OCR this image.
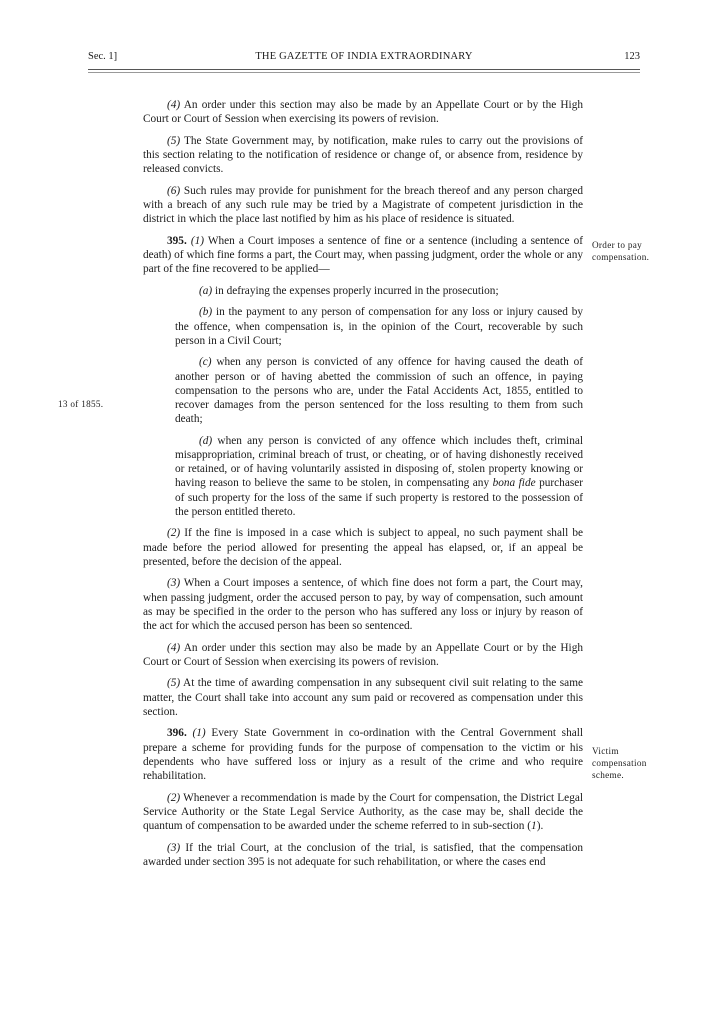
Sec. 1]	THE GAZETTE OF INDIA EXTRAORDINARY	123
Order to pay compensation.
13 of 1855.
Victim compensation scheme.

(4) An order under this section may also be made by an Appellate Court or by the High Court or Court of Session when exercising its powers of revision.

(5) The State Government may, by notification, make rules to carry out the provisions of this section relating to the notification of residence or change of, or absence from, residence by released convicts.

(6) Such rules may provide for punishment for the breach thereof and any person charged with a breach of any such rule may be tried by a Magistrate of competent jurisdiction in the district in which the place last notified by him as his place of residence is situated.

395. (1) When a Court imposes a sentence of fine or a sentence (including a sentence of death) of which fine forms a part, the Court may, when passing judgment, order the whole or any part of the fine recovered to be applied—

(a) in defraying the expenses properly incurred in the prosecution;

(b) in the payment to any person of compensation for any loss or injury caused by the offence, when compensation is, in the opinion of the Court, recoverable by such person in a Civil Court;

(c) when any person is convicted of any offence for having caused the death of another person or of having abetted the commission of such an offence, in paying compensation to the persons who are, under the Fatal Accidents Act, 1855, entitled to recover damages from the person sentenced for the loss resulting to them from such death;

(d) when any person is convicted of any offence which includes theft, criminal misappropriation, criminal breach of trust, or cheating, or of having dishonestly received or retained, or of having voluntarily assisted in disposing of, stolen property knowing or having reason to believe the same to be stolen, in compensating any bona fide purchaser of such property for the loss of the same if such property is restored to the possession of the person entitled thereto.

(2) If the fine is imposed in a case which is subject to appeal, no such payment shall be made before the period allowed for presenting the appeal has elapsed, or, if an appeal be presented, before the decision of the appeal.

(3) When a Court imposes a sentence, of which fine does not form a part, the Court may, when passing judgment, order the accused person to pay, by way of compensation, such amount as may be specified in the order to the person who has suffered any loss or injury by reason of the act for which the accused person has been so sentenced.

(4) An order under this section may also be made by an Appellate Court or by the High Court or Court of Session when exercising its powers of revision.

(5) At the time of awarding compensation in any subsequent civil suit relating to the same matter, the Court shall take into account any sum paid or recovered as compensation under this section.

396. (1) Every State Government in co-ordination with the Central Government shall prepare a scheme for providing funds for the purpose of compensation to the victim or his dependents who have suffered loss or injury as a result of the crime and who require rehabilitation.

(2) Whenever a recommendation is made by the Court for compensation, the District Legal Service Authority or the State Legal Service Authority, as the case may be, shall decide the quantum of compensation to be awarded under the scheme referred to in sub-section (1).

(3) If the trial Court, at the conclusion of the trial, is satisfied, that the compensation awarded under section 395 is not adequate for such rehabilitation, or where the cases end
